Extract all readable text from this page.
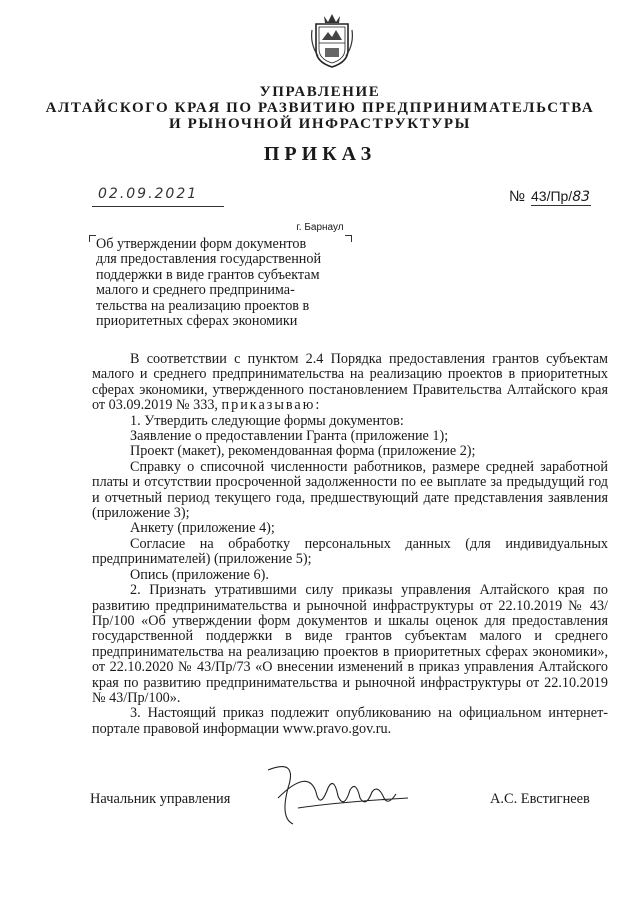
УПРАВЛЕНИЕ
АЛТАЙСКОГО КРАЯ ПО РАЗВИТИЮ ПРЕДПРИНИМАТЕЛЬСТВА
И РЫНОЧНОЙ ИНФРАСТРУКТУРЫ
ПРИКАЗ
02.09.2021	№ 43/Пр/83
г. Барнаул
Об утверждении форм документов
для предоставления государственной
поддержки в виде грантов субъектам
малого и среднего предпринима-
тельства на реализацию проектов в
приоритетных сферах экономики
В соответствии с пунктом 2.4 Порядка предоставления грантов субъектам малого и среднего предпринимательства на реализацию проектов в приоритетных сферах экономики, утвержденного постановлением Правительства Алтайского края от 03.09.2019 № 333, приказываю:
1. Утвердить следующие формы документов:
Заявление о предоставлении Гранта (приложение 1);
Проект (макет), рекомендованная форма (приложение 2);
Справку о списочной численности работников, размере средней заработной платы и отсутствии просроченной задолженности по ее выплате за предыдущий год и отчетный период текущего года, предшествующий дате представления заявления (приложение 3);
Анкету (приложение 4);
Согласие на обработку персональных данных (для индивидуальных предпринимателей) (приложение 5);
Опись (приложение 6).
2. Признать утратившими силу приказы управления Алтайского края по развитию предпринимательства и рыночной инфраструктуры от 22.10.2019 № 43/Пр/100 «Об утверждении форм документов и шкалы оценок для предоставления государственной поддержки в виде грантов субъектам малого и среднего предпринимательства на реализацию проектов в приоритетных сферах экономики», от 22.10.2020 № 43/Пр/73 «О внесении изменений в приказ управления Алтайского края по развитию предпринимательства и рыночной инфраструктуры от 22.10.2019 № 43/Пр/100».
3. Настоящий приказ подлежит опубликованию на официальном интернет-портале правовой информации www.pravo.gov.ru.
Начальник управления	А.С. Евстигнеев
